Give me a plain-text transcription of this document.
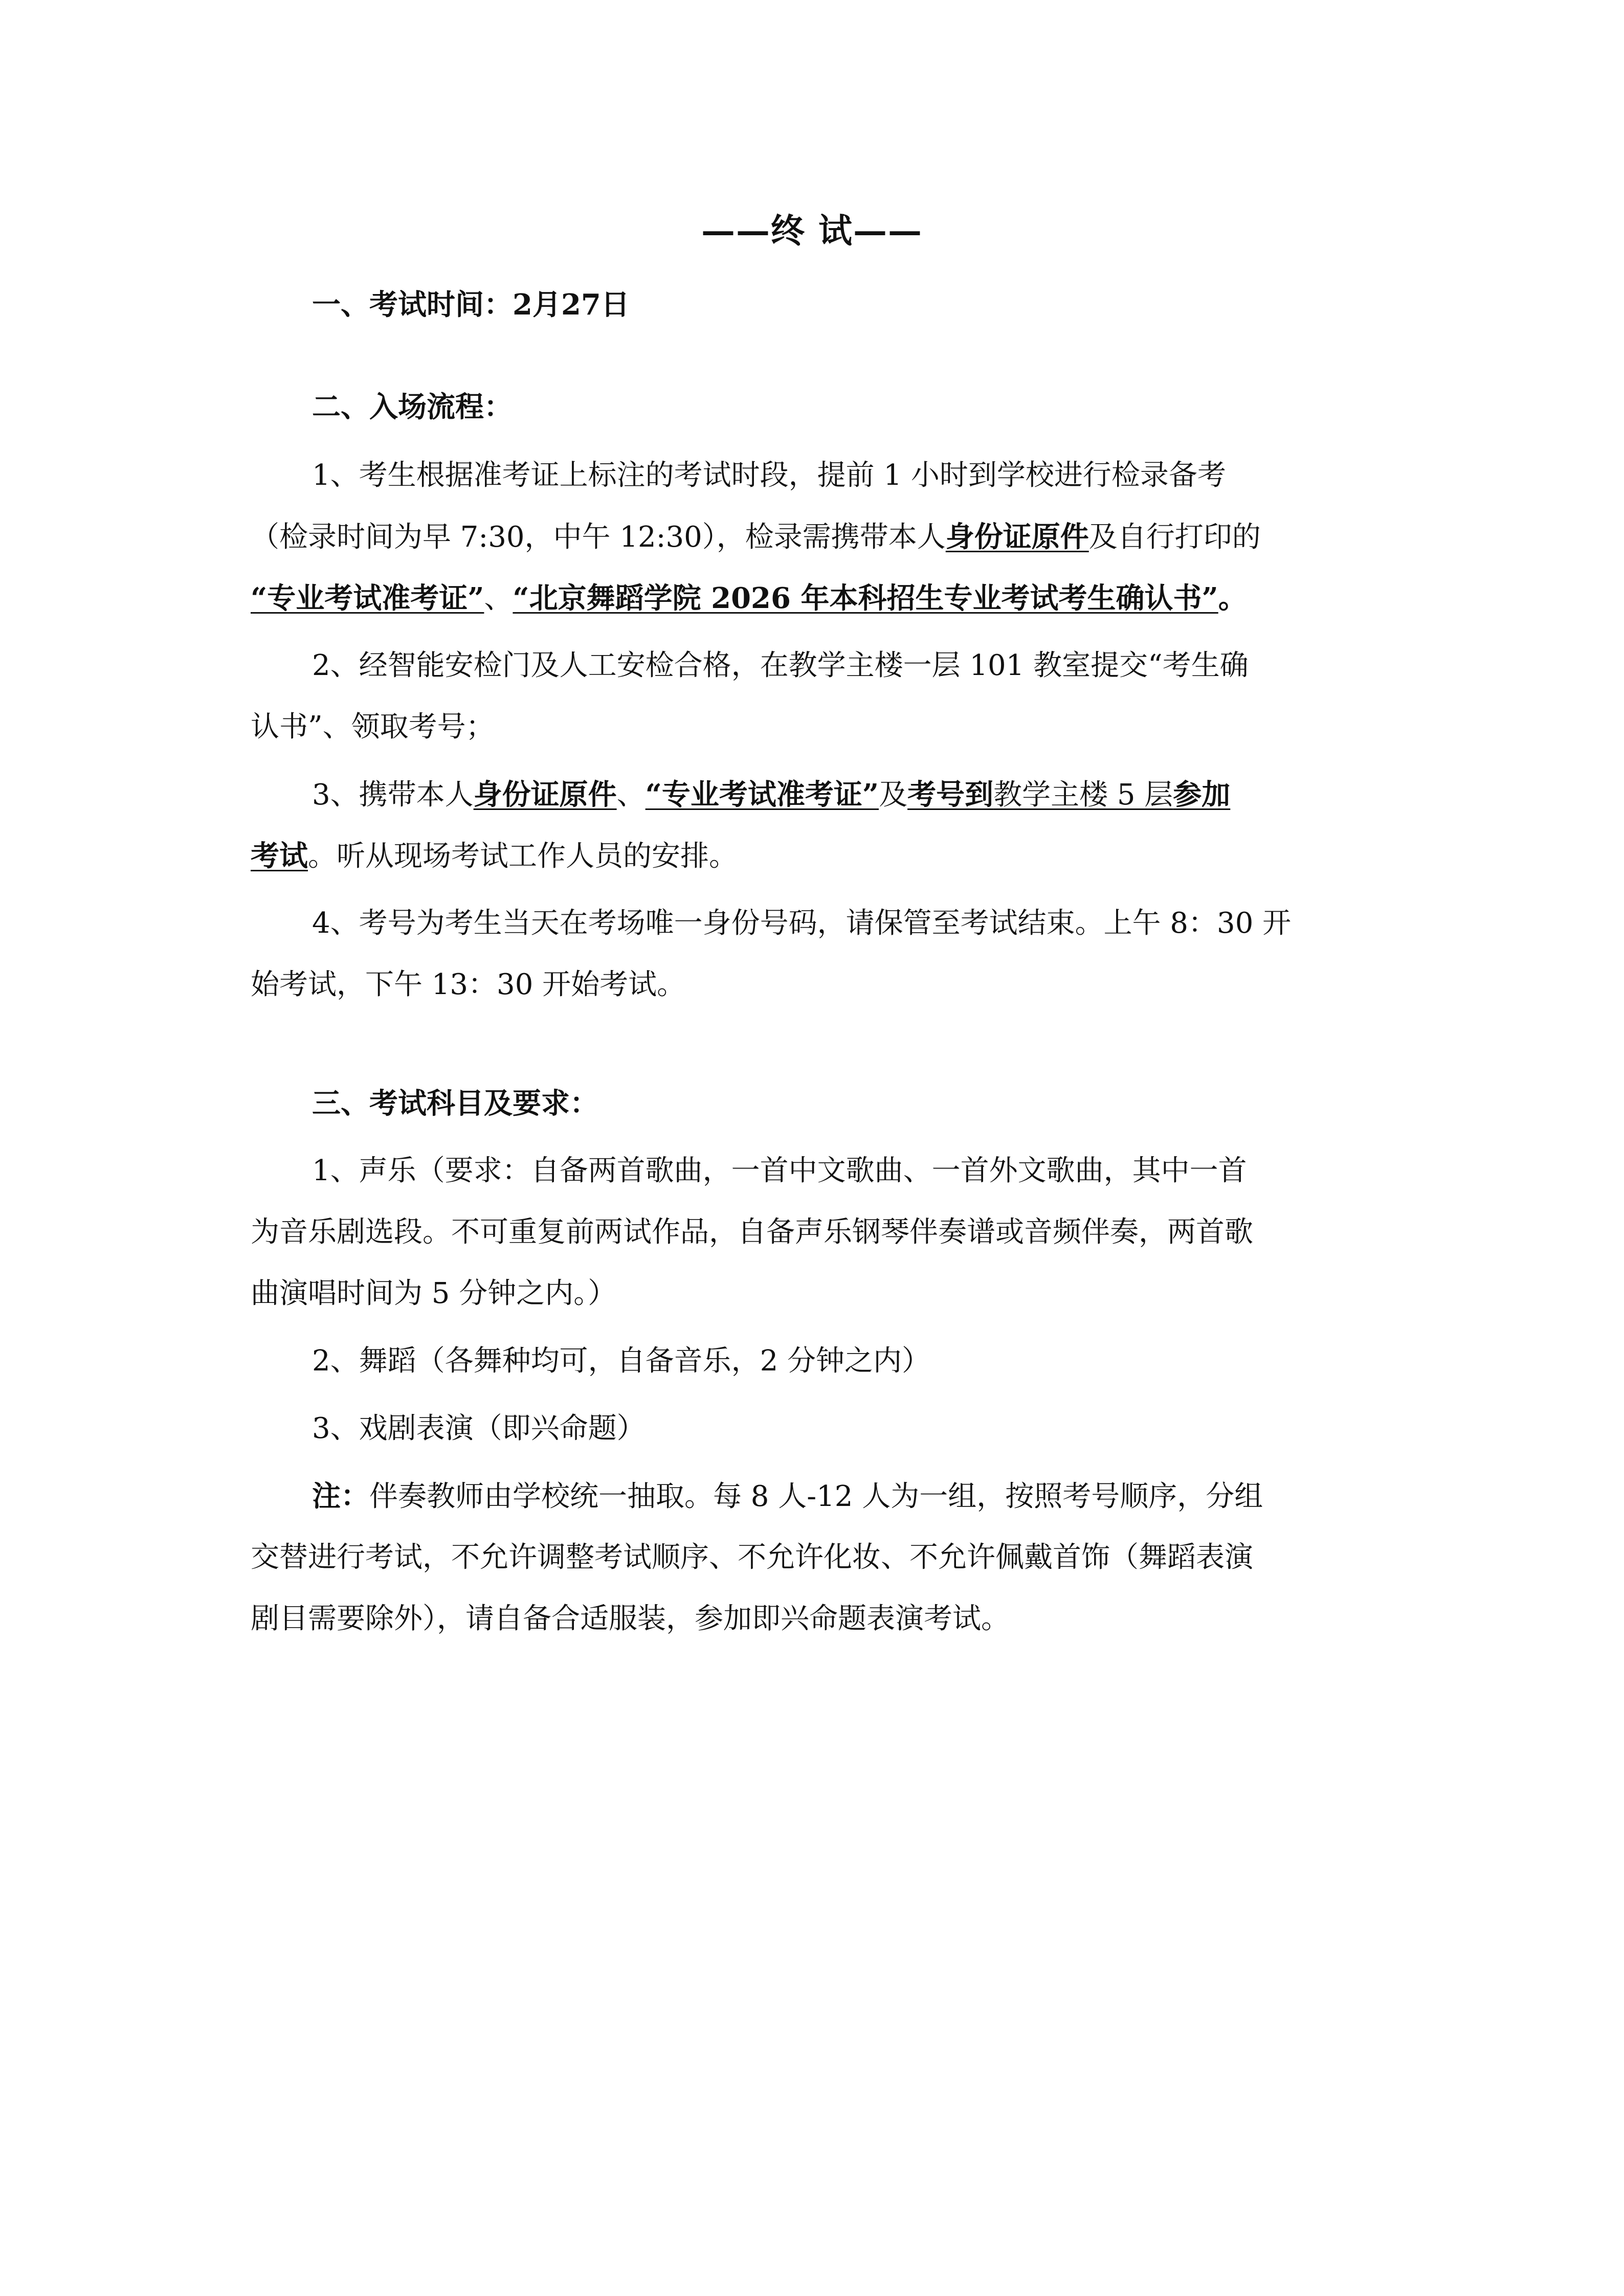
——终 试——
一、考试时间：2月27日
二、入场流程：
1、考生根据准考证上标注的考试时段，提前 1 小时到学校进行检录备考
（检录时间为早 7:30，中午 12:30），检录需携带本人身份证原件及自行打印的
“专业考试准考证”、“北京舞蹈学院 2026 年本科招生专业考试考生确认书”。
2、经智能安检门及人工安检合格，在教学主楼一层 101 教室提交“考生确
认书”、领取考号；
3、携带本人身份证原件、“专业考试准考证”及考号到教学主楼 5 层参加
考试。听从现场考试工作人员的安排。
4、考号为考生当天在考场唯一身份号码，请保管至考试结束。上午 8：30 开
始考试，下午 13：30 开始考试。
三、考试科目及要求：
1、声乐（要求：自备两首歌曲，一首中文歌曲、一首外文歌曲，其中一首
为音乐剧选段。不可重复前两试作品，自备声乐钢琴伴奏谱或音频伴奏，两首歌
曲演唱时间为 5 分钟之内。）
2、舞蹈（各舞种均可，自备音乐，2 分钟之内）
3、戏剧表演（即兴命题）
注：伴奏教师由学校统一抽取。每 8 人-12 人为一组，按照考号顺序，分组
交替进行考试，不允许调整考试顺序、不允许化妆、不允许佩戴首饰（舞蹈表演
剧目需要除外），请自备合适服装，参加即兴命题表演考试。
